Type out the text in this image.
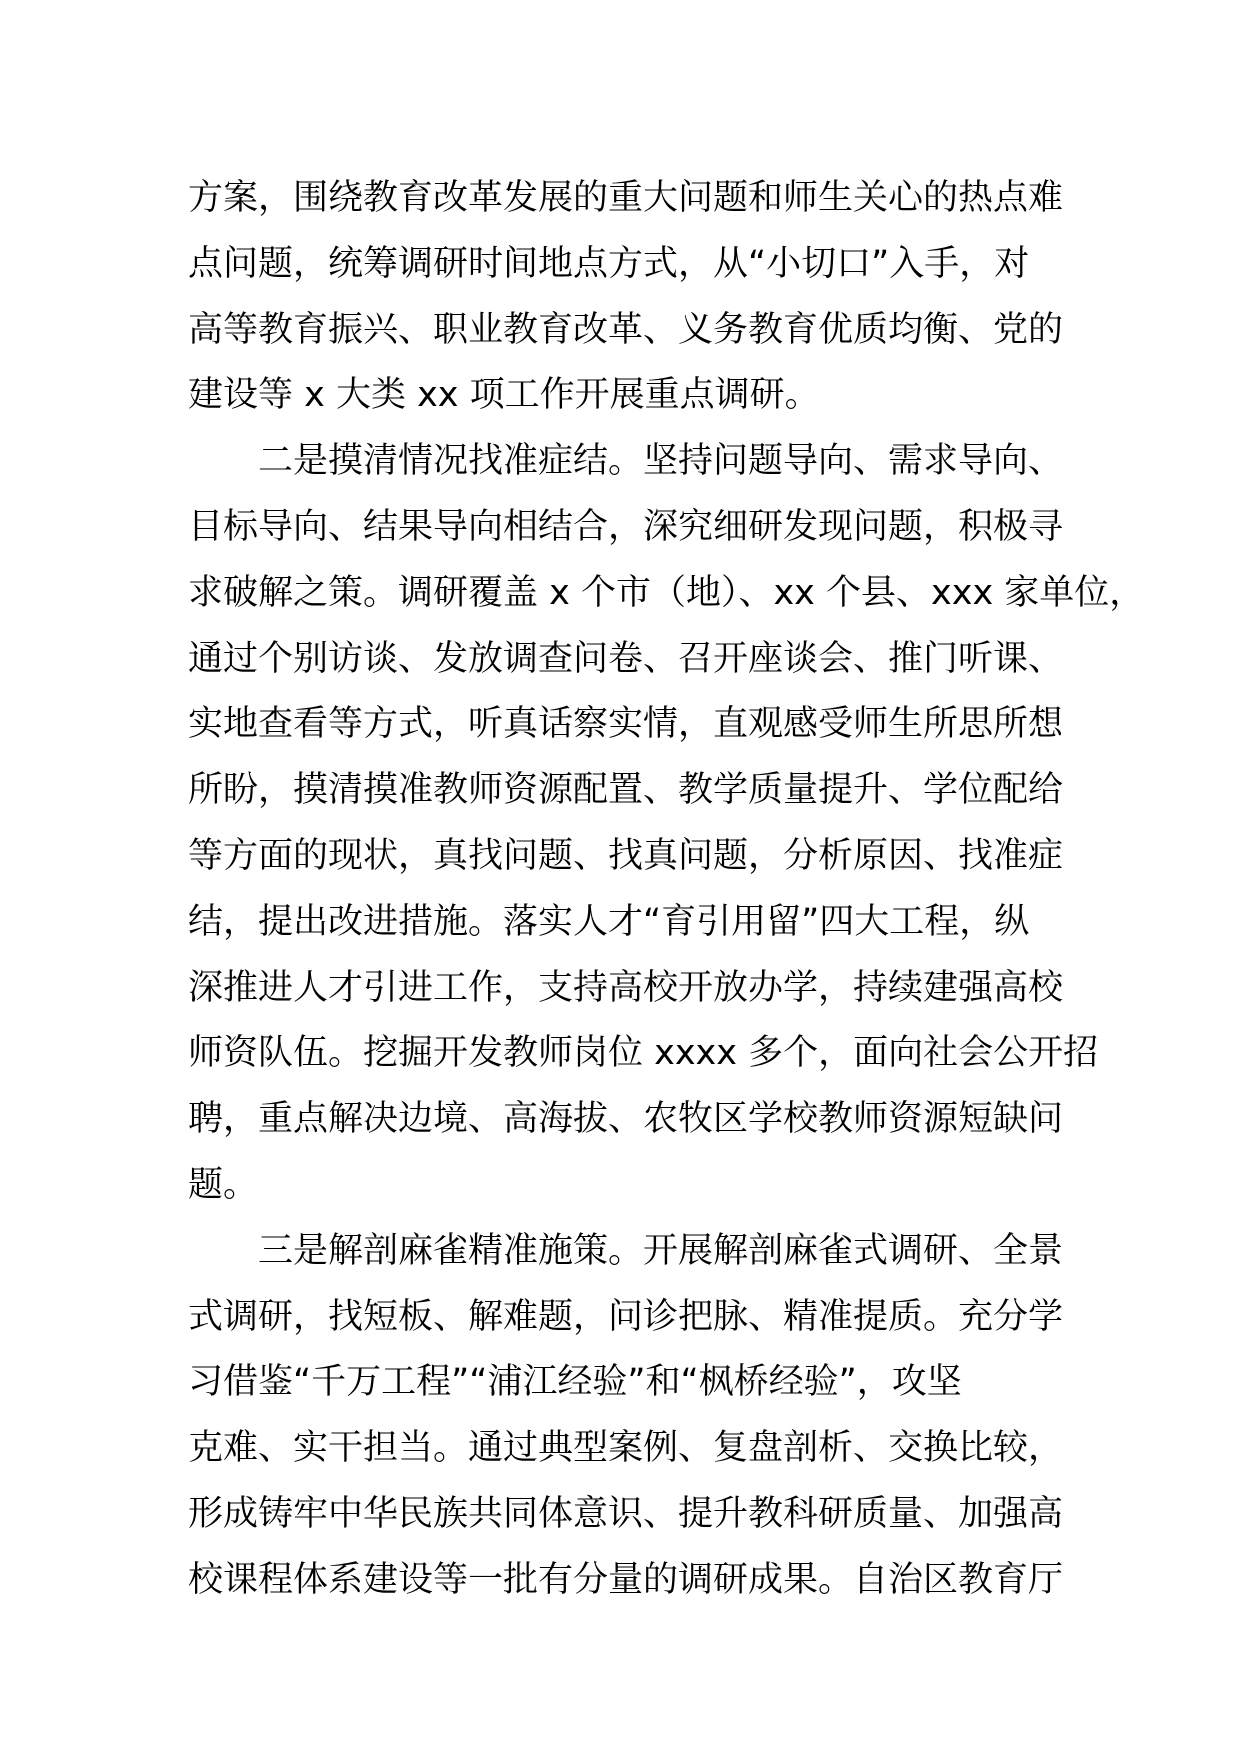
方案，围绕教育改革发展的重大问题和师生关心的热点难
点问题，统筹调研时间地点方式，从“小切口”入手，对
高等教育振兴、职业教育改革、义务教育优质均衡、党的
建设等 x 大类 xx 项工作开展重点调研。
二是摸清情况找准症结。坚持问题导向、需求导向、
目标导向、结果导向相结合，深究细研发现问题，积极寻
求破解之策。调研覆盖 x 个市（地）、xx 个县、xxx 家单位，
通过个别访谈、发放调查问卷、召开座谈会、推门听课、
实地查看等方式，听真话察实情，直观感受师生所思所想
所盼，摸清摸准教师资源配置、教学质量提升、学位配给
等方面的现状，真找问题、找真问题，分析原因、找准症
结，提出改进措施。落实人才“育引用留”四大工程，纵
深推进人才引进工作，支持高校开放办学，持续建强高校
师资队伍。挖掘开发教师岗位 xxxx 多个，面向社会公开招
聘，重点解决边境、高海拔、农牧区学校教师资源短缺问
题。
三是解剖麻雀精准施策。开展解剖麻雀式调研、全景
式调研，找短板、解难题，问诊把脉、精准提质。充分学
习借鉴“千万工程”“浦江经验”和“枫桥经验”，攻坚
克难、实干担当。通过典型案例、复盘剖析、交换比较，
形成铸牢中华民族共同体意识、提升教科研质量、加强高
校课程体系建设等一批有分量的调研成果。自治区教育厅
